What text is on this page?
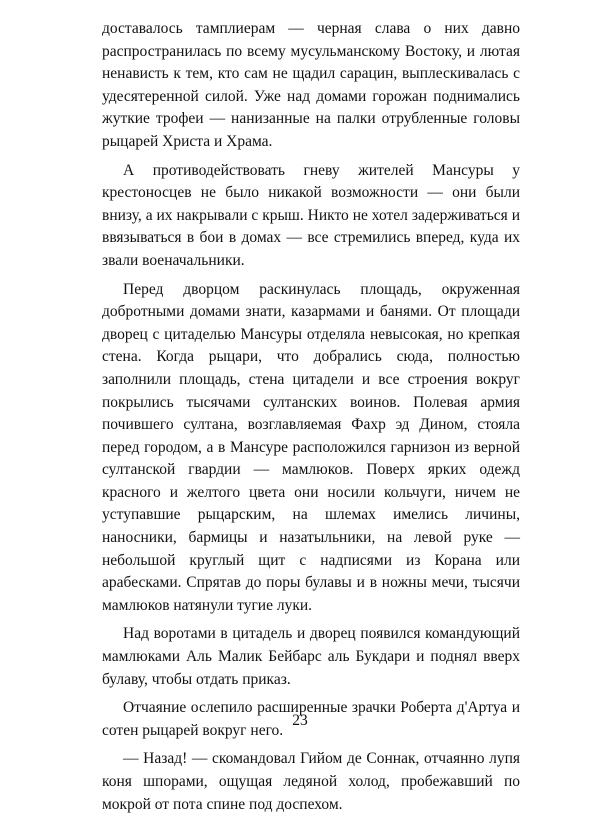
доставалось тамплиерам — черная слава о них давно распространилась по всему мусульманскому Востоку, и лютая ненависть к тем, кто сам не щадил сарацин, выплескивалась с удесятеренной силой. Уже над домами горожан поднимались жуткие трофеи — нанизанные на палки отрубленные головы рыцарей Христа и Храма.

А противодействовать гневу жителей Мансуры у крестоносцев не было никакой возможности — они были внизу, а их накрывали с крыш. Никто не хотел задерживаться и ввязываться в бои в домах — все стремились вперед, куда их звали военачальники.

Перед дворцом раскинулась площадь, окруженная добротными домами знати, казармами и банями. От площади дворец с цитаделью Мансуры отделяла невысокая, но крепкая стена. Когда рыцари, что добрались сюда, полностью заполнили площадь, стена цитадели и все строения вокруг покрылись тысячами султанских воинов. Полевая армия почившего султана, возглавляемая Фахр эд Дином, стояла перед городом, а в Мансуре расположился гарнизон из верной султанской гвардии — мамлюков. Поверх ярких одежд красного и желтого цвета они носили кольчуги, ничем не уступавшие рыцарским, на шлемах имелись личины, наносники, бармицы и назатыльники, на левой руке — небольшой круглый щит с надписями из Корана или арабесками. Спрятав до поры булавы и в ножны мечи, тысячи мамлюков натянули тугие луки.

Над воротами в цитадель и дворец появился командующий мамлюками Аль Малик Бейбарс аль Букдари и поднял вверх булаву, чтобы отдать приказ.

Отчаяние ослепило расширенные зрачки Роберта д'Артуа и сотен рыцарей вокруг него.

— Назад! — скомандовал Гийом де Соннак, отчаянно лупя коня шпорами, ощущая ледяной холод, пробежавший по мокрой от пота спине под доспехом.

23
